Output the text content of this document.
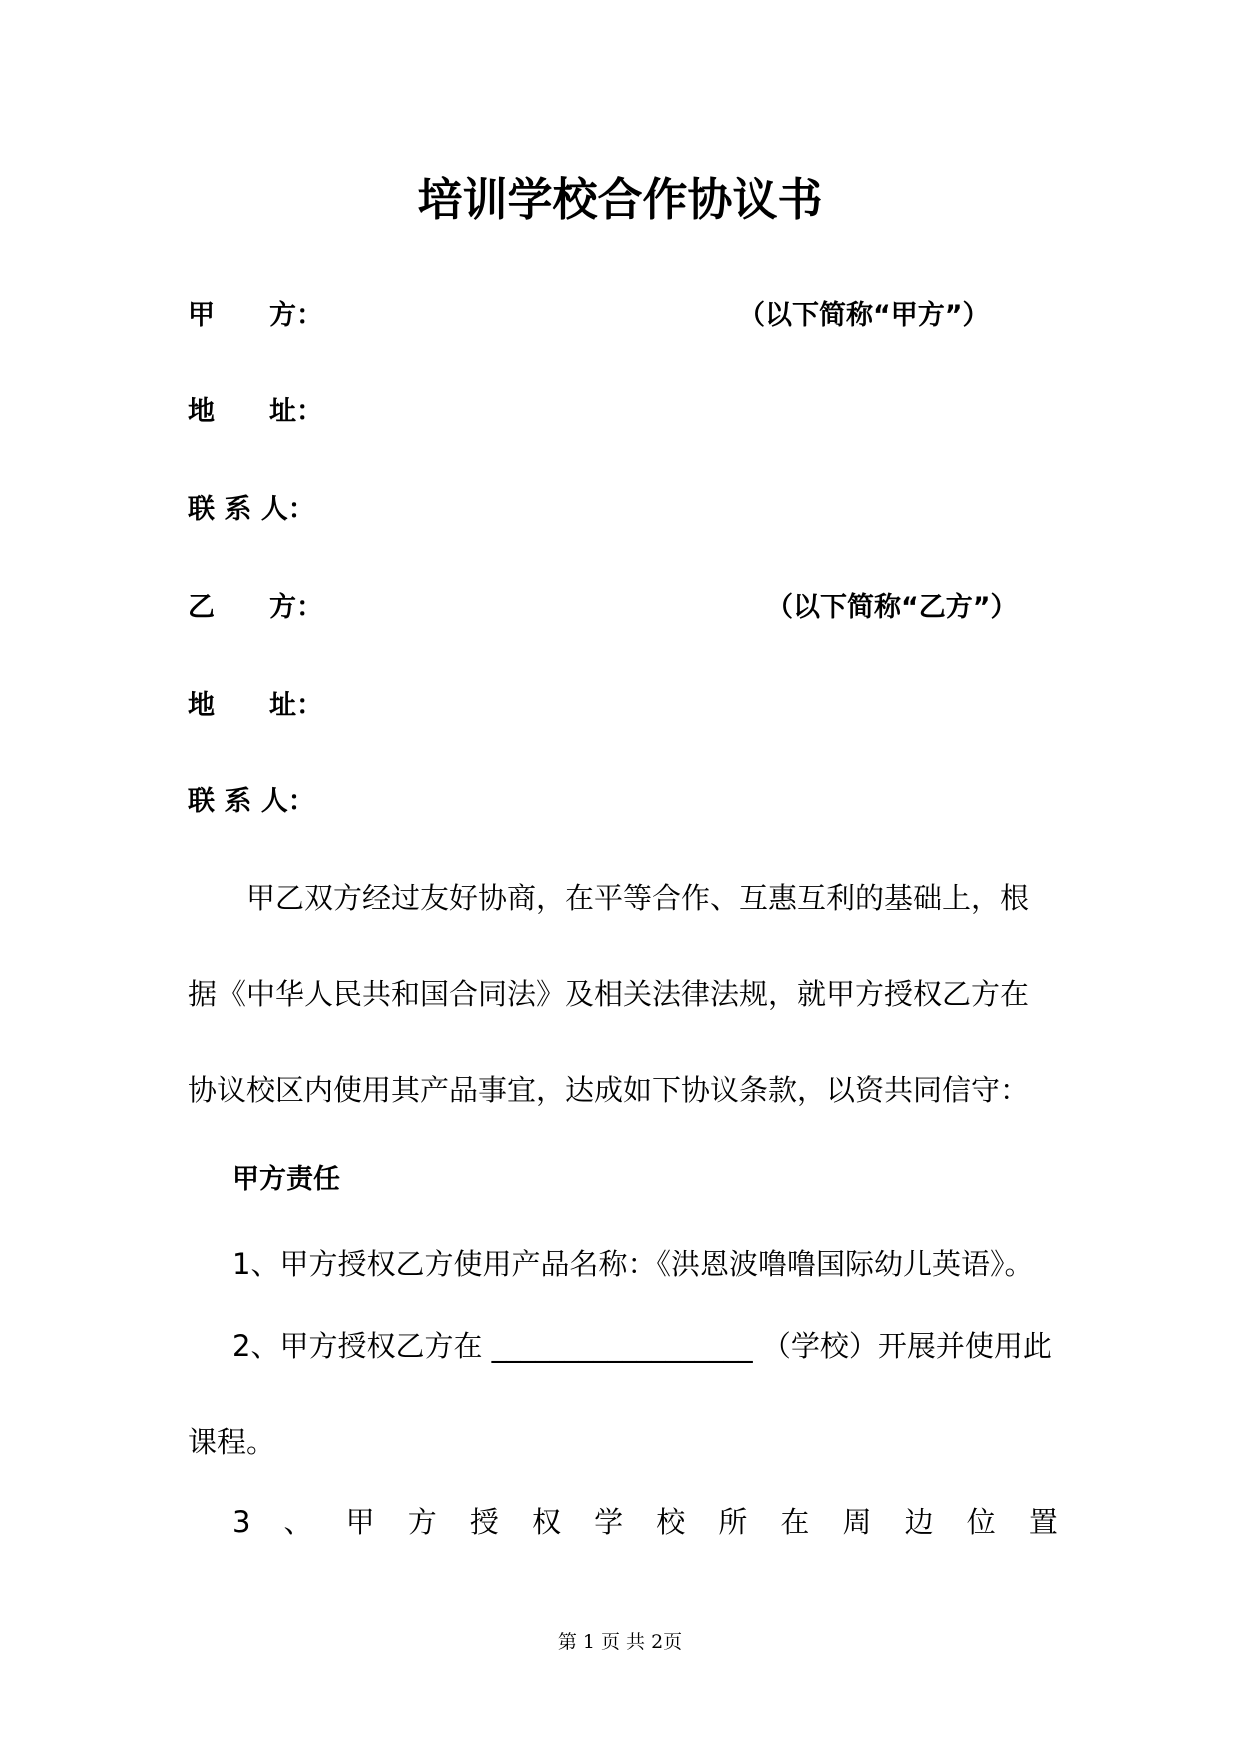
培训学校合作协议书
甲　　方：	（以下简称“甲方”）
地　　址：
联 系 人：
乙　　方：	（以下简称“乙方”）
地　　址：
联 系 人：
　　甲乙双方经过友好协商，在平等合作、互惠互利的基础上，根
据《中华人民共和国合同法》及相关法律法规，就甲方授权乙方在
协议校区内使用其产品事宜，达成如下协议条款，以资共同信守：
甲方责任
1、甲方授权乙方使用产品名称：《洪恩波噜噜国际幼儿英语》。
2、甲方授权乙方在 __________________ （学校）开展并使用此
课程。
3 、 甲 方 授 权 学 校 所 在 周 边 位 置
第 1 页 共 2页
